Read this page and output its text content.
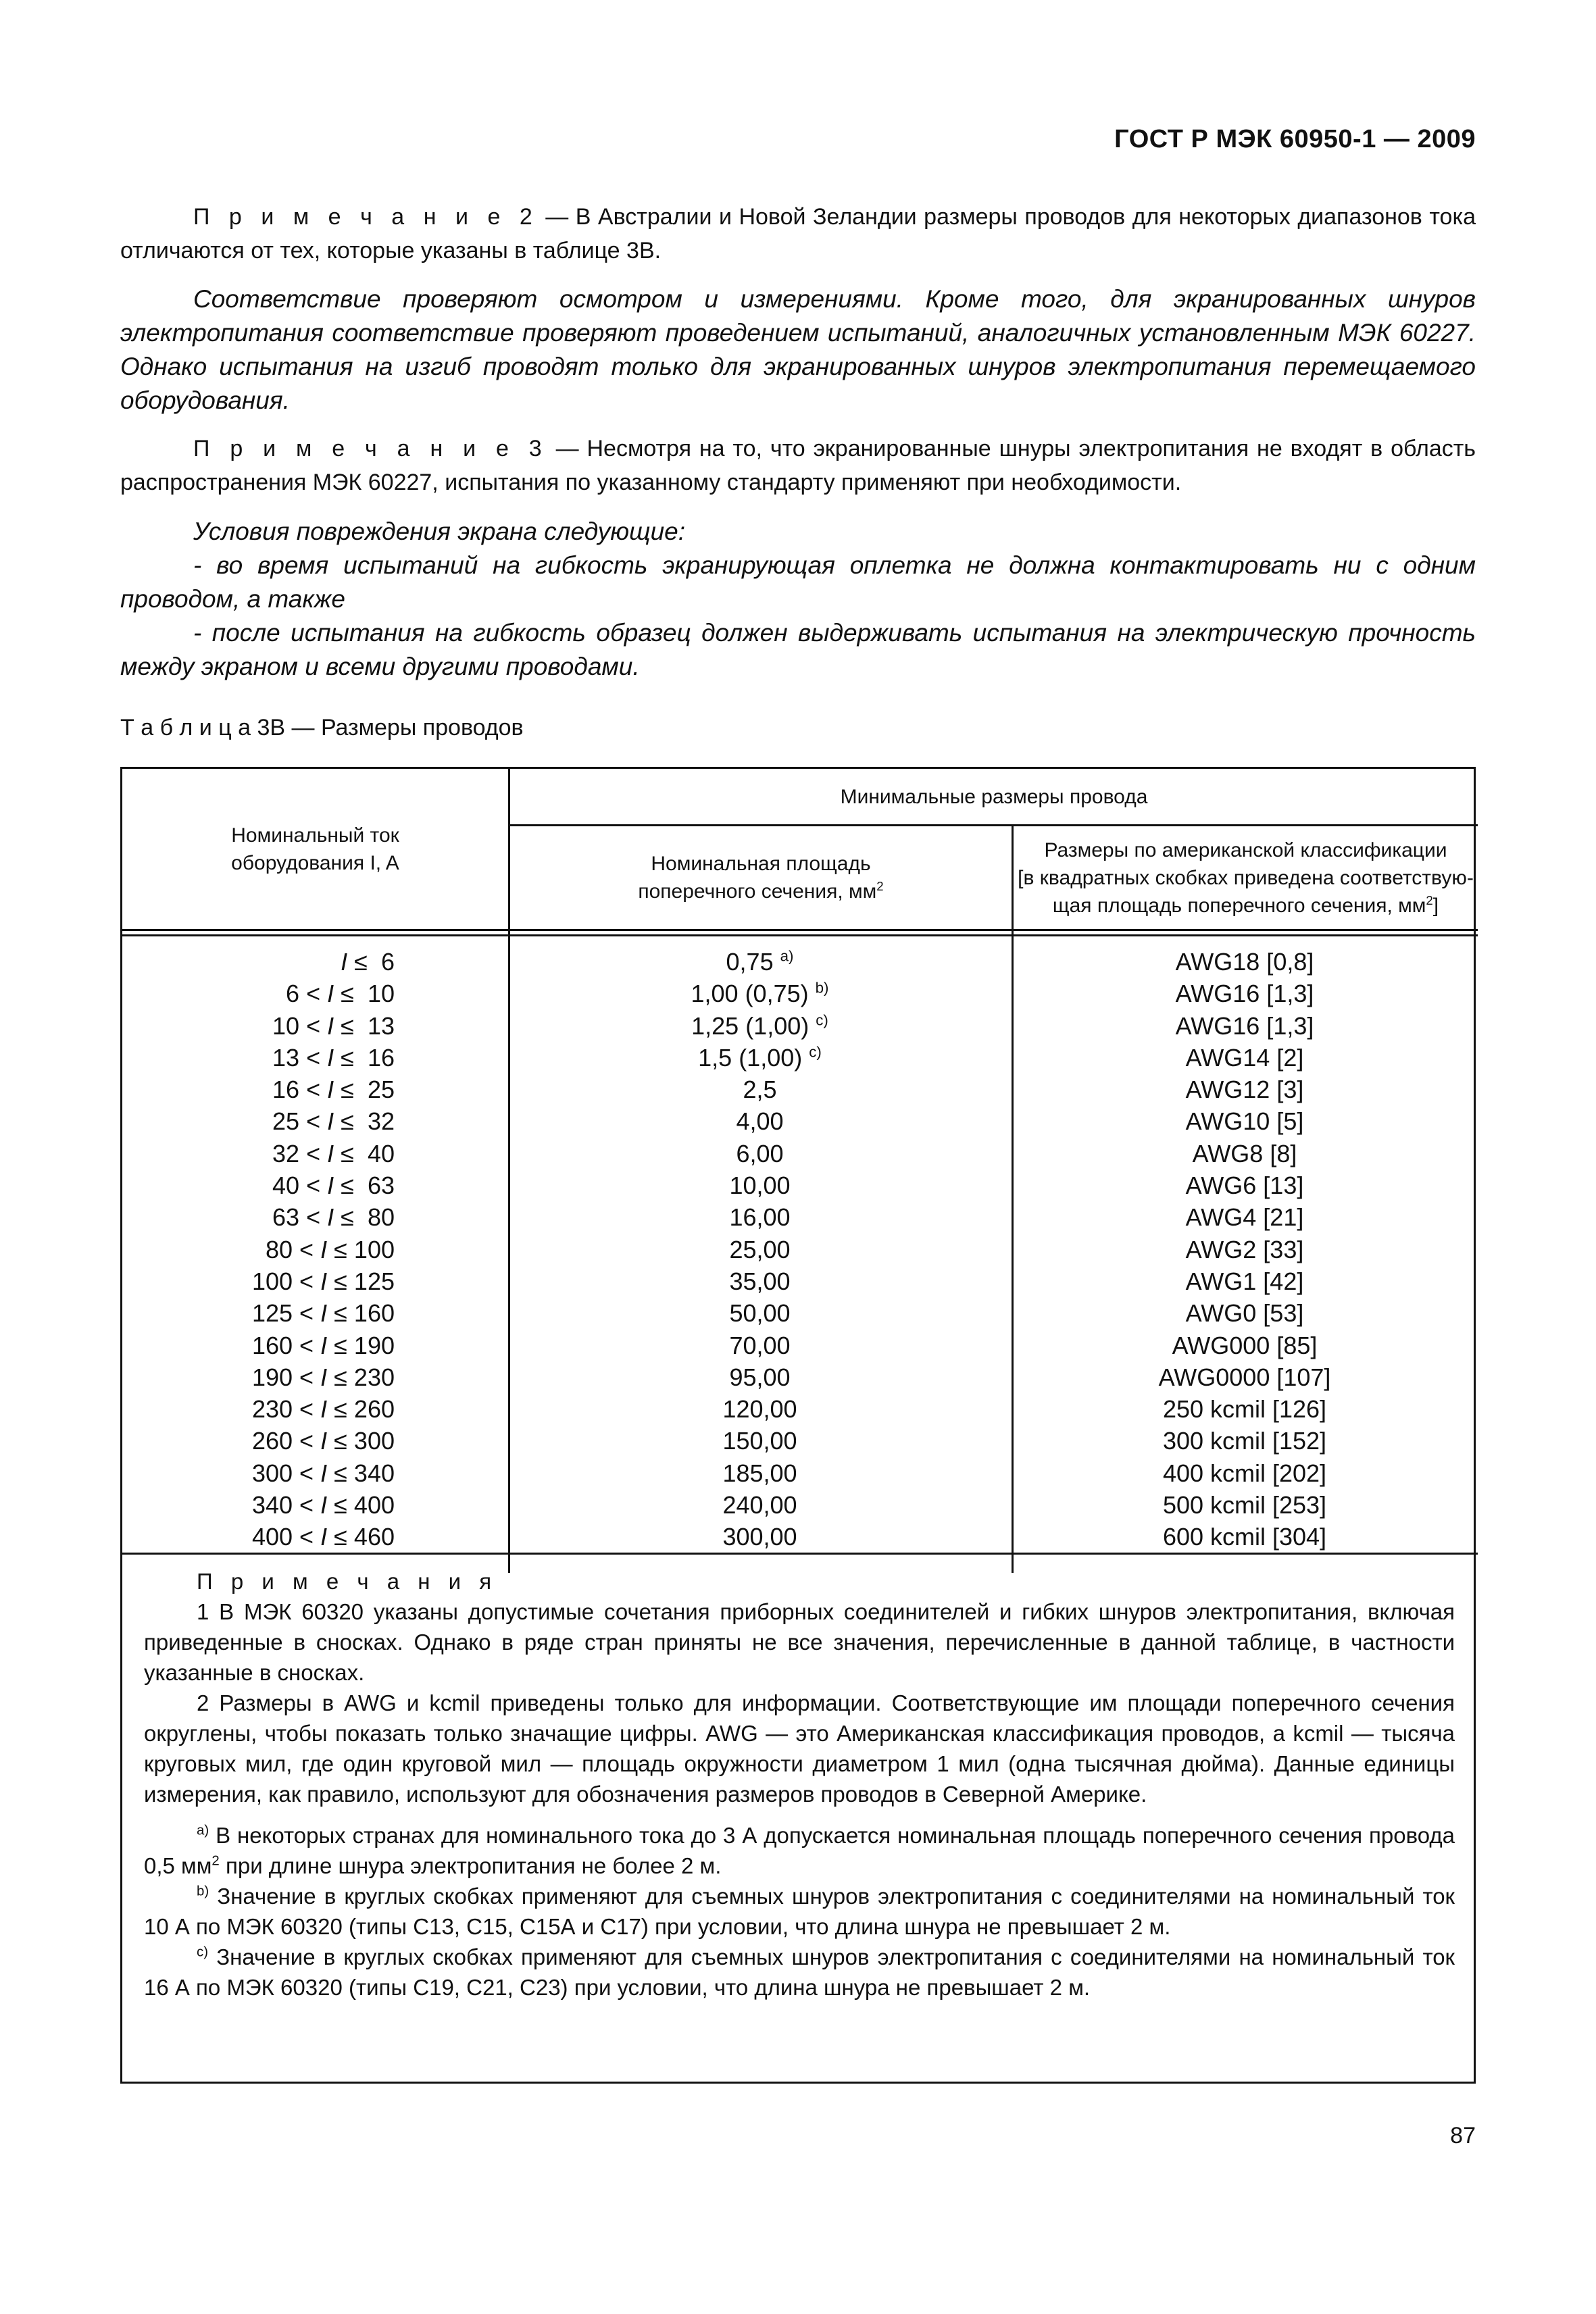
ГОСТ Р МЭК 60950-1 — 2009
П р и м е ч а н и е 2 — В Австралии и Новой Зеландии размеры проводов для некоторых диапазонов тока отличаются от тех, которые указаны в таблице 3В.
Соответствие проверяют осмотром и измерениями. Кроме того, для экранированных шнуров электропитания соответствие проверяют проведением испытаний, аналогичных установленным МЭК 60227. Однако испытания на изгиб проводят только для экранированных шнуров электропитания перемещаемого оборудования.
П р и м е ч а н и е 3 — Несмотря на то, что экранированные шнуры электропитания не входят в область распространения МЭК 60227, испытания по указанному стандарту применяют при необходимости.
Условия повреждения экрана следующие:
- во время испытаний на гибкость экранирующая оплетка не должна контактировать ни с одним проводом, а также
- после испытания на гибкость образец должен выдерживать испытания на электрическую прочность между экраном и всеми другими проводами.
Т а б л и ц а 3В — Размеры проводов
Номинальный ток оборудования I, A
Минимальные размеры провода
Номинальная площадь
поперечного сечения, $мм^2$
Размеры по американской классификации
[в квадратных скобках приведена соответствую-
щая площадь поперечного сечения, $мм^2$]
I ≤ 6
6 < I ≤ 10
10 < I ≤ 13
13 < I ≤ 16
16 < I ≤ 25
25 < I ≤ 32
32 < I ≤ 40
40 < I ≤ 63
63 < I ≤ 80
80 < I ≤ 100
100 < I ≤ 125
125 < I ≤ 160
160 < I ≤ 190
190 < I ≤ 230
230 < I ≤ 260
260 < I ≤ 300
300 < I ≤ 340
340 < I ≤ 400
400 < I ≤ 460
0,75 $^{a)}$
1,00 (0,75) $^{b)}$
1,25 (1,00) $^{c)}$
1,5 (1,00) $^{c)}$
2,5
4,00
6,00
10,00
16,00
25,00
35,00
50,00
70,00
95,00
120,00
150,00
185,00
240,00
300,00
AWG18 [0,8]
AWG16 [1,3]
AWG16 [1,3]
AWG14 [2]
AWG12 [3]
AWG10 [5]
AWG8 [8]
AWG6 [13]
AWG4 [21]
AWG2 [33]
AWG1 [42]
AWG0 [53]
AWG000 [85]
AWG0000 [107]
250 kcmil [126]
300 kcmil [152]
400 kcmil [202]
500 kcmil [253]
600 kcmil [304]

П р и м е ч а н и я

1 В МЭК 60320 указаны допустимые сочетания приборных соединителей и гибких шнуров электропитания, включая приведенные в сносках. Однако в ряде стран приняты не все значения, перечисленные в данной таблице, в частности указанные в сносках.

2 Размеры в AWG и kcmil приведены только для информации. Соответствующие им площади поперечного сечения округлены, чтобы показать только значащие цифры. AWG — это Американская классификация проводов, а kcmil — тысяча круговых мил, где один круговой мил — площадь окружности диаметром 1 мил (одна тысячная дюйма). Данные единицы измерения, как правило, используют для обозначения размеров проводов в Северной Америке.

$^{a)}$ В некоторых странах для номинального тока до 3 А допускается номинальная площадь поперечного сечения провода 0,5 $мм^2$ при длине шнура электропитания не более 2 м.

$^{b)}$ Значение в круглых скобках применяют для съемных шнуров электропитания с соединителями на номинальный ток 10 А по МЭК 60320 (типы С13, С15, С15А и С17) при условии, что длина шнура не превышает 2 м.

$^{c)}$ Значение в круглых скобках применяют для съемных шнуров электропитания с соединителями на номинальный ток 16 А по МЭК 60320 (типы С19, С21, С23) при условии, что длина шнура не превышает 2 м.

87
